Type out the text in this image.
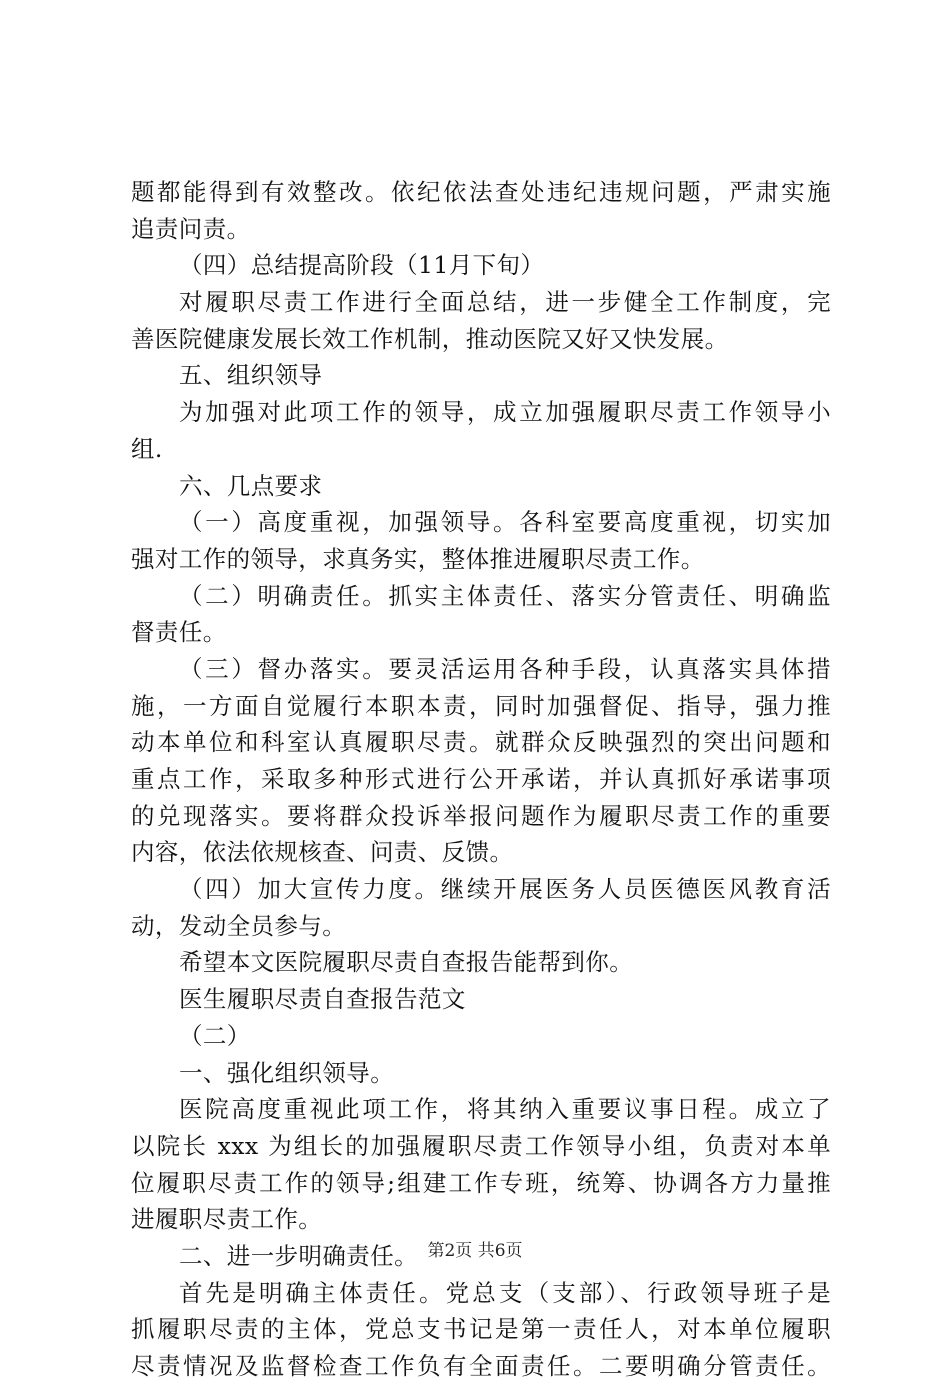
题都能得到有效整改。依纪依法查处违纪违规问题，严肃实施
追责问责。
（四）总结提高阶段（11月下旬）
对履职尽责工作进行全面总结，进一步健全工作制度，完
善医院健康发展长效工作机制，推动医院又好又快发展。
五、组织领导
为加强对此项工作的领导，成立加强履职尽责工作领导小
组.
六、几点要求
（一）高度重视，加强领导。各科室要高度重视，切实加
强对工作的领导，求真务实，整体推进履职尽责工作。
（二）明确责任。抓实主体责任、落实分管责任、明确监
督责任。
（三）督办落实。要灵活运用各种手段，认真落实具体措
施，一方面自觉履行本职本责，同时加强督促、指导，强力推
动本单位和科室认真履职尽责。就群众反映强烈的突出问题和
重点工作，采取多种形式进行公开承诺，并认真抓好承诺事项
的兑现落实。要将群众投诉举报问题作为履职尽责工作的重要
内容，依法依规核查、问责、反馈。
（四）加大宣传力度。继续开展医务人员医德医风教育活
动，发动全员参与。
希望本文医院履职尽责自查报告能帮到你。
医生履职尽责自查报告范文
（二）
一、强化组织领导。
医院高度重视此项工作，将其纳入重要议事日程。成立了
以院长 xxx 为组长的加强履职尽责工作领导小组，负责对本单
位履职尽责工作的领导;组建工作专班，统筹、协调各方力量推
进履职尽责工作。
二、进一步明确责任。
首先是明确主体责任。党总支（支部）、行政领导班子是
抓履职尽责的主体，党总支书记是第一责任人，对本单位履职
尽责情况及监督检查工作负有全面责任。二要明确分管责任。
第2页 共6页
